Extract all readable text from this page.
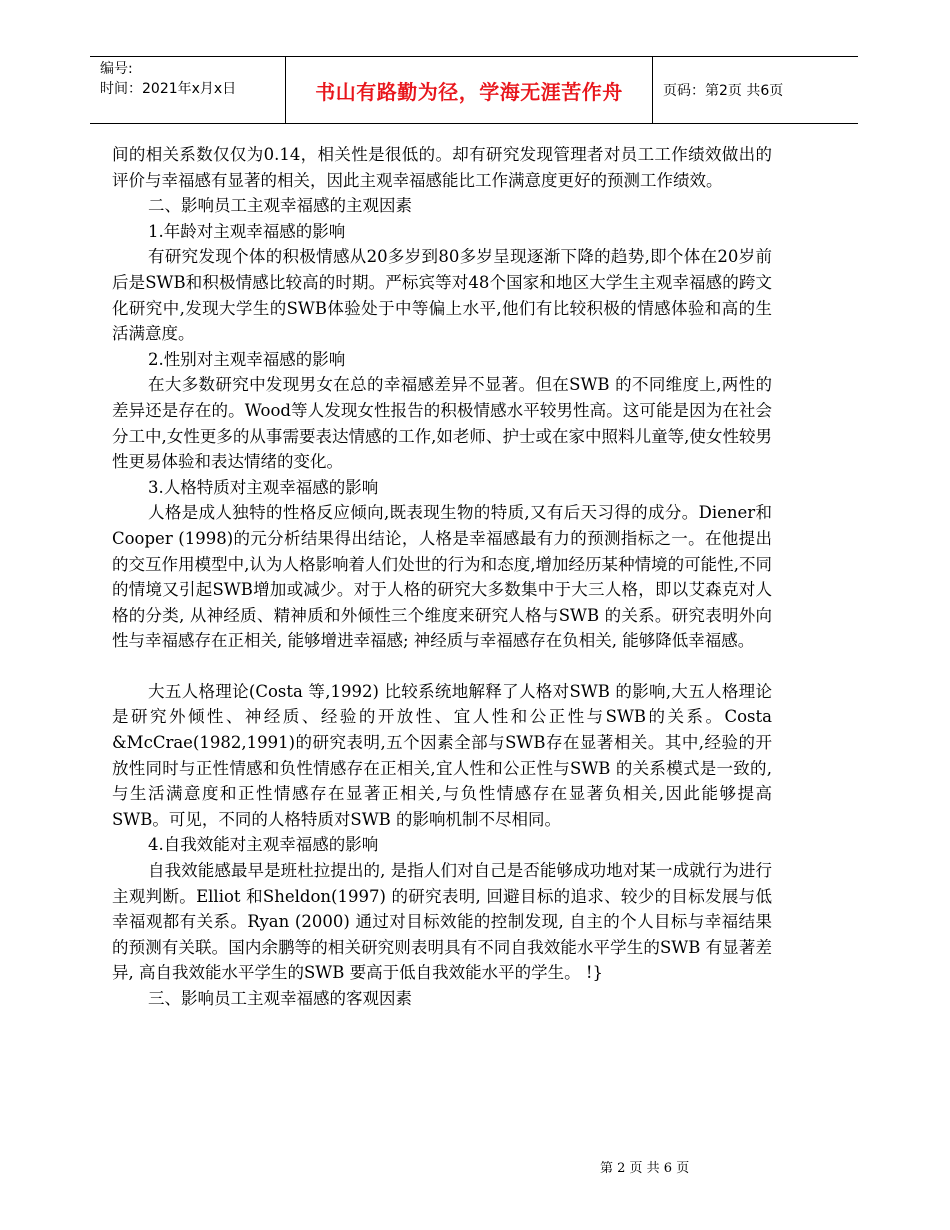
编号:
时间：2021年x月x日	书山有路勤为径，学海无涯苦作舟	页码：第2页 共6页

间的相关系数仅仅为0.14，相关性是很低的。却有研究发现管理者对员工工作绩效做出的评价与幸福感有显著的相关，因此主观幸福感能比工作满意度更好的预测工作绩效。

二、影响员工主观幸福感的主观因素

1.年龄对主观幸福感的影响

有研究发现个体的积极情感从20多岁到80多岁呈现逐渐下降的趋势,即个体在20岁前后是SWB和积极情感比较高的时期。严标宾等对48个国家和地区大学生主观幸福感的跨文化研究中,发现大学生的SWB体验处于中等偏上水平,他们有比较积极的情感体验和高的生活满意度。

2.性别对主观幸福感的影响

在大多数研究中发现男女在总的幸福感差异不显著。但在SWB 的不同维度上,两性的差异还是存在的。Wood等人发现女性报告的积极情感水平较男性高。这可能是因为在社会分工中,女性更多的从事需要表达情感的工作,如老师、护士或在家中照料儿童等,使女性较男性更易体验和表达情绪的变化。

3.人格特质对主观幸福感的影响

人格是成人独特的性格反应倾向,既表现生物的特质,又有后天习得的成分。Diener和Cooper (1998)的元分析结果得出结论，人格是幸福感最有力的预测指标之一。在他提出的交互作用模型中,认为人格影响着人们处世的行为和态度,增加经历某种情境的可能性,不同的情境又引起SWB增加或减少。对于人格的研究大多数集中于大三人格，即以艾森克对人格的分类, 从神经质、精神质和外倾性三个维度来研究人格与SWB 的关系。研究表明外向性与幸福感存在正相关, 能够增进幸福感; 神经质与幸福感存在负相关, 能够降低幸福感。

大五人格理论(Costa 等,1992) 比较系统地解释了人格对SWB 的影响,大五人格理论是研究外倾性、神经质、经验的开放性、宜人性和公正性与SWB的关系。Costa &McCrae(1982,1991)的研究表明,五个因素全部与SWB存在显著相关。其中,经验的开放性同时与正性情感和负性情感存在正相关,宜人性和公正性与SWB 的关系模式是一致的,与生活满意度和正性情感存在显著正相关,与负性情感存在显著负相关,因此能够提高SWB。可见，不同的人格特质对SWB 的影响机制不尽相同。

4.自我效能对主观幸福感的影响

自我效能感最早是班杜拉提出的, 是指人们对自己是否能够成功地对某一成就行为进行主观判断。Elliot 和Sheldon(1997) 的研究表明, 回避目标的追求、较少的目标发展与低幸福观都有关系。Ryan (2000) 通过对目标效能的控制发现, 自主的个人目标与幸福结果的预测有关联。国内余鹏等的相关研究则表明具有不同自我效能水平学生的SWB 有显著差异, 高自我效能水平学生的SWB 要高于低自我效能水平的学生。 !}

三、影响员工主观幸福感的客观因素

第 2 页 共 6 页
